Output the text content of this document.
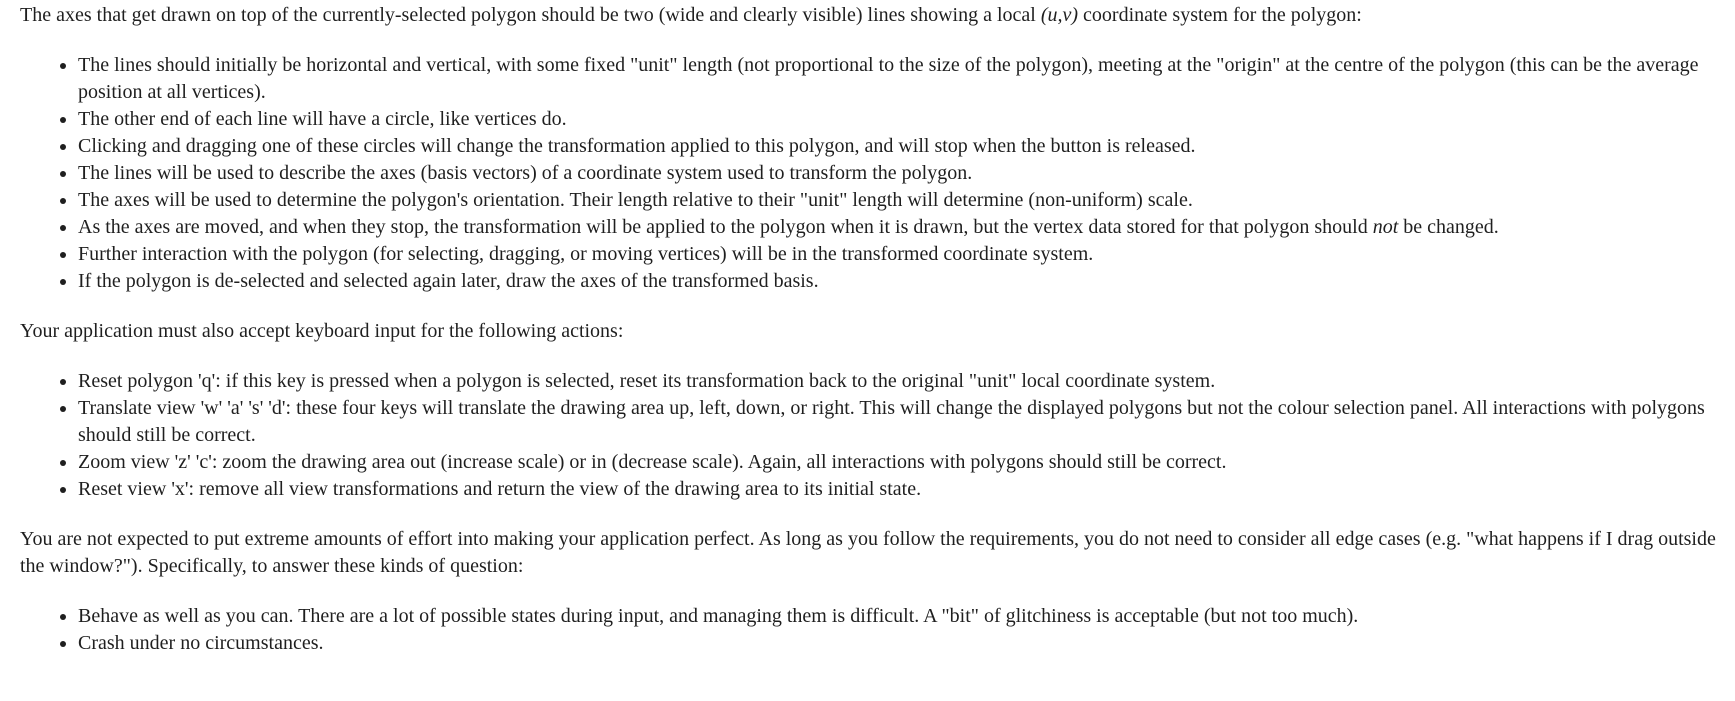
The axes that get drawn on top of the currently-selected polygon should be two (wide and clearly visible) lines showing a local (u,v) coordinate system for the polygon:

• The lines should initially be horizontal and vertical, with some fixed "unit" length (not proportional to the size of the polygon), meeting at the "origin" at the centre of the polygon (this can be the average position at all vertices).
• The other end of each line will have a circle, like vertices do.
• Clicking and dragging one of these circles will change the transformation applied to this polygon, and will stop when the button is released.
• The lines will be used to describe the axes (basis vectors) of a coordinate system used to transform the polygon.
• The axes will be used to determine the polygon's orientation. Their length relative to their "unit" length will determine (non-uniform) scale.
• As the axes are moved, and when they stop, the transformation will be applied to the polygon when it is drawn, but the vertex data stored for that polygon should not be changed.
• Further interaction with the polygon (for selecting, dragging, or moving vertices) will be in the transformed coordinate system.
• If the polygon is de-selected and selected again later, draw the axes of the transformed basis.

Your application must also accept keyboard input for the following actions:

• Reset polygon 'q': if this key is pressed when a polygon is selected, reset its transformation back to the original "unit" local coordinate system.
• Translate view 'w' 'a' 's' 'd': these four keys will translate the drawing area up, left, down, or right. This will change the displayed polygons but not the colour selection panel. All interactions with polygons should still be correct.
• Zoom view 'z' 'c': zoom the drawing area out (increase scale) or in (decrease scale). Again, all interactions with polygons should still be correct.
• Reset view 'x': remove all view transformations and return the view of the drawing area to its initial state.

You are not expected to put extreme amounts of effort into making your application perfect. As long as you follow the requirements, you do not need to consider all edge cases (e.g. "what happens if I drag outside the window?"). Specifically, to answer these kinds of question:

• Behave as well as you can. There are a lot of possible states during input, and managing them is difficult. A "bit" of glitchiness is acceptable (but not too much).
• Crash under no circumstances.
